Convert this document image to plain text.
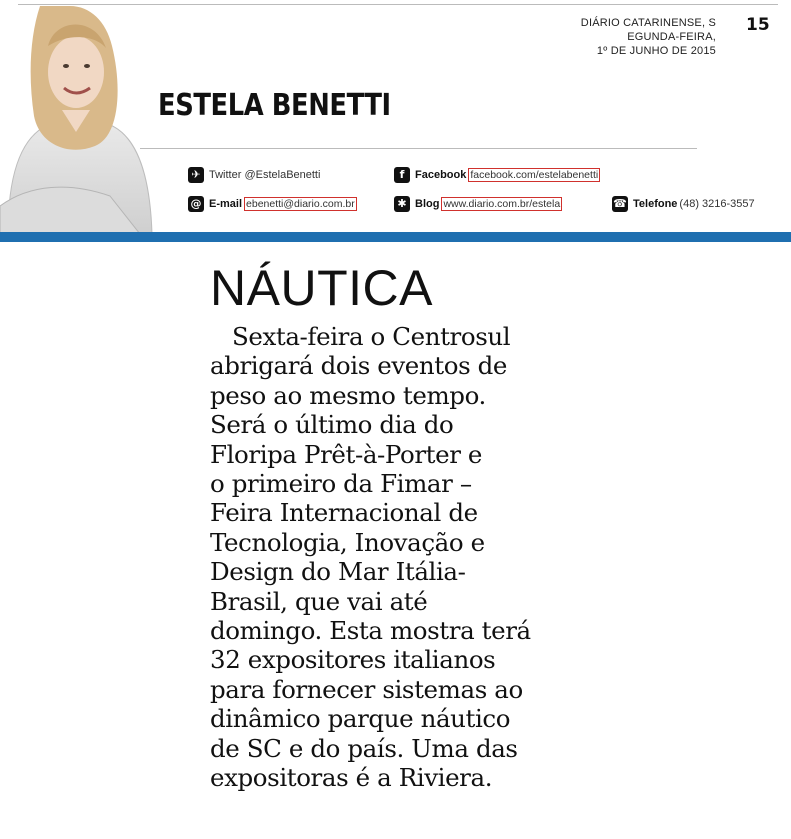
DIÁRIO CATARINENSE, S
EGUNDA-FEIRA,
1º DE JUNHO DE 2015
15
ESTELA BENETTI
✈ Twitter @EstelaBenetti	f Facebook facebook.com/estelabenetti
@ E-mail ebenetti@diario.com.br	✱ Blog www.diario.com.br/estela	☎ Telefone (48) 3216-3557
NÁUTICA
Sexta-feira o Centrosul
abrigará dois eventos de
peso ao mesmo tempo.
Será o último dia do
Floripa Prêt-à-Porter e
o primeiro da Fimar –
Feira Internacional de
Tecnologia, Inovação e
Design do Mar Itália-
Brasil, que vai até
domingo. Esta mostra terá
32 expositores italianos
para fornecer sistemas ao
dinâmico parque náutico
de SC e do país. Uma das
expositoras é a Riviera.
